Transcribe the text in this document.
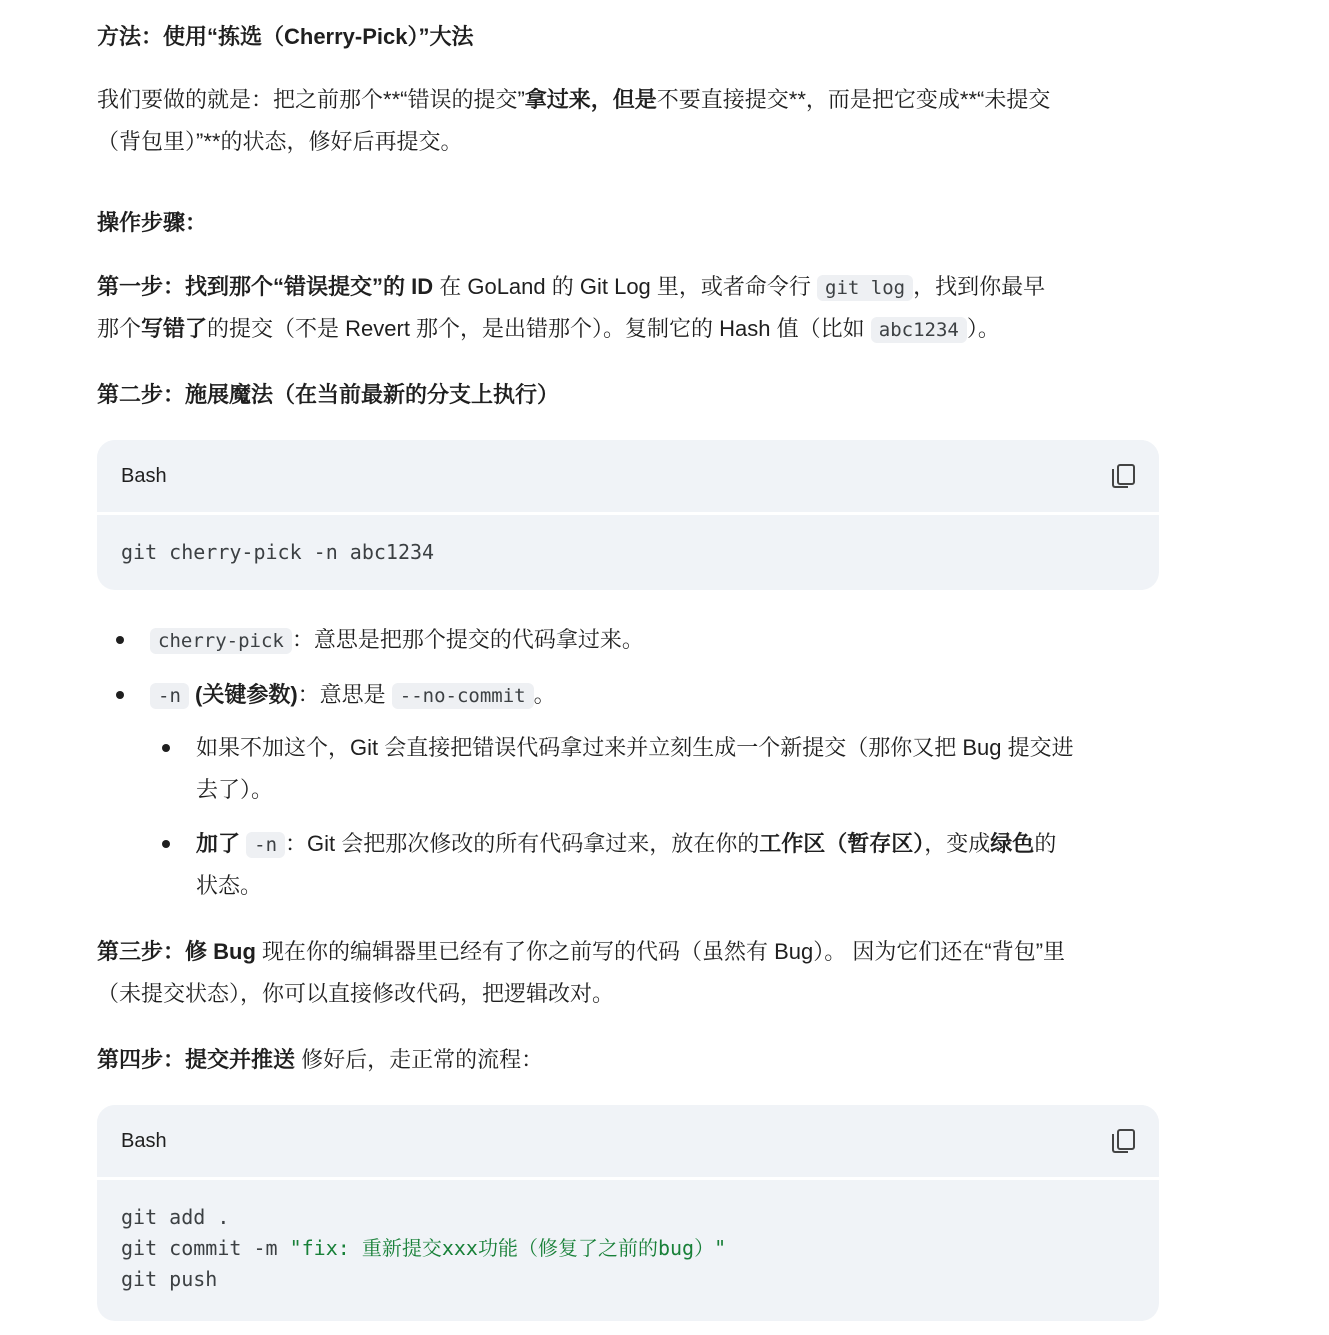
方法：使用“拣选（Cherry-Pick）”大法

我们要做的就是：把之前那个**“错误的提交”拿过来，但是不要直接提交**，而是把它变成**“未提交

（背包里）”**的状态，修好后再提交。

操作步骤：

第一步：找到那个“错误提交”的 ID 在 GoLand 的 Git Log 里，或者命令行 git log ，找到你最早

那个写错了的提交（不是 Revert 那个，是出错那个）。复制它的 Hash 值（比如 abc1234 ）。

第二步：施展魔法（在当前最新的分支上执行）

Bash
git cherry-pick -n abc1234

cherry-pick ：意思是把那个提交的代码拿过来。

-n (关键参数)：意思是 --no-commit 。

如果不加这个，Git 会直接把错误代码拿过来并立刻生成一个新提交（那你又把 Bug 提交进

去了）。

加了 -n ：Git 会把那次修改的所有代码拿过来，放在你的工作区（暂存区），变成绿色的

状态。

第三步：修 Bug 现在你的编辑器里已经有了你之前写的代码（虽然有 Bug）。 因为它们还在“背包”里

（未提交状态），你可以直接修改代码，把逻辑改对。

第四步：提交并推送 修好后，走正常的流程：

Bash
git add .
git commit -m "fix: 重新提交xxx功能（修复了之前的bug）"
git push
